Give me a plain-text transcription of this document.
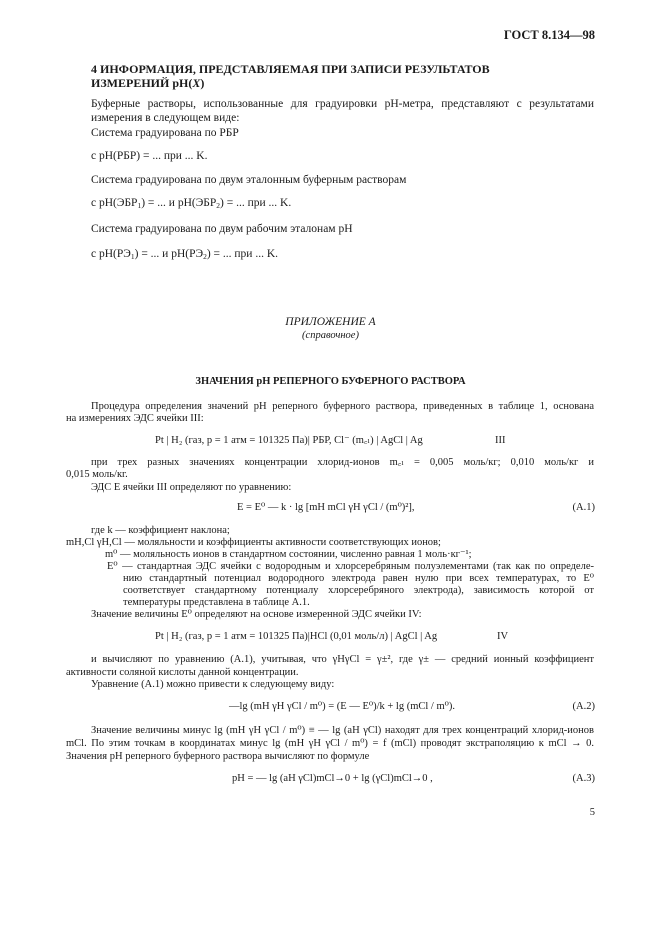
ГОСТ 8.134—98
4 ИНФОРМАЦИЯ, ПРЕДСТАВЛЯЕМАЯ ПРИ ЗАПИСИ РЕЗУЛЬТАТОВ
ИЗМЕРЕНИЙ pH(X)
Буферные растворы, использованные для градуировки pH-метра, представляют с результатами
измерения в следующем виде:
Система градуирована по РБР
с pH(РБР) = ... при ... K.
Система градуирована по двум эталонным буферным растворам
с $pH(ЭБР_1)$ = ... и $pH(ЭБР_2)$ = ... при ... K.
Система градуирована по двум рабочим эталонам pH
с $pH(РЭ_1)$ = ... и $pH(РЭ_2)$ = ... при ... K.
ПРИЛОЖЕНИЕ А
(справочное)
ЗНАЧЕНИЯ pH РЕПЕРНОГО БУФЕРНОГО РАСТВОРА
Процедура определения значений pH реперного буферного раствора, приведенных в таблице 1, основана
на измерениях ЭДС ячейки III:
Pt | H₂ (газ, p = 1 атм = 101325 Па)| РБР, Cl⁻ (m꜀ₗ) | AgCl | Ag	III
при трех разных значениях концентрации хлорид-ионов m꜀ₗ = 0,005 моль/кг; 0,010 моль/кг и
0,015 моль/кг.
ЭДС E ячейки III определяют по уравнению:
E = E⁰ — k · lg [mH mCl γH γCl / (m⁰)²],	(A.1)
где k — коэффициент наклона;
mH,Cl γH,Cl — моляльности и коэффициенты активности соответствующих ионов;
m⁰ — моляльность ионов в стандартном состоянии, численно равная 1 моль·кг⁻¹;
E⁰ — стандартная ЭДС ячейки с водородным и хлорсеребряным полуэлементами (так как по определе-
нию стандартный потенциал водородного электрода равен нулю при всех температурах, то E⁰
соответствует стандартному потенциалу хлорсеребряного электрода), зависимость которой от
температуры представлена в таблице А.1.
Значение величины E⁰ определяют на основе измеренной ЭДС ячейки IV:
Pt | H₂ (газ, p = 1 атм = 101325 Па)|HCl (0,01 моль/л) | AgCl | Ag	IV
и вычисляют по уравнению (A.1), учитывая, что γHγCl = γ±², где γ± — средний ионный коэффициент
активности соляной кислоты данной концентрации.
Уравнение (A.1) можно привести к следующему виду:
—lg (mH γH γCl / m⁰) = (E — E⁰)/k + lg (mCl / m⁰).	(A.2)
Значение величины минус lg (mH γH γCl / m⁰) ≡ — lg (aH γCl) находят для трех концентраций хлорид-ионов
mCl. По этим точкам в координатах минус lg (mH γH γCl / m⁰) = f (mCl) проводят экстраполяцию к mCl → 0.
Значения pH реперного буферного раствора вычисляют по формуле
pH = — lg (aH γCl)mCl→0 + lg (γCl)mCl→0 ,	(A.3)
5
